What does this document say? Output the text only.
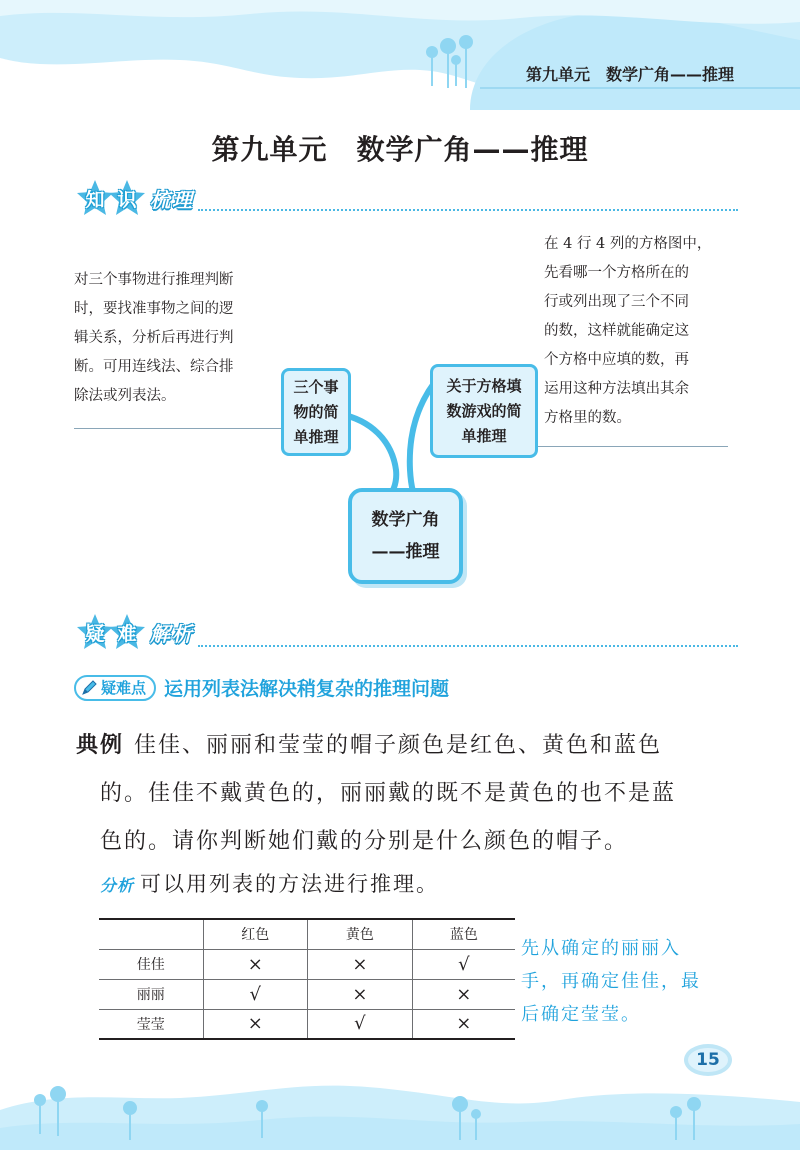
第九单元　数学广角——推理
第九单元　数学广角——推理
知 识 梳理
对三个事物进行推理判断
时，要找准事物之间的逻
辑关系，分析后再进行判
断。可用连线法、综合排
除法或列表法。
在 4 行 4 列的方格图中，
先看哪一个方格所在的
行或列出现了三个不同
的数，这样就能确定这
个方格中应填的数，再
运用这种方法填出其余
方格里的数。
三个事
物的简
单推理
关于方格填
数游戏的简
单推理
数学广角
——推理
疑 难 解析
疑难点 运用列表法解决稍复杂的推理问题
典例 佳佳、丽丽和莹莹的帽子颜色是红色、黄色和蓝色
的。佳佳不戴黄色的，丽丽戴的既不是黄色的也不是蓝
色的。请你判断她们戴的分别是什么颜色的帽子。
分析 可以用列表的方法进行推理。
	红色	黄色	蓝色
佳佳	×	×	√
丽丽	√	×	×
莹莹	×	√	×
先从确定的丽丽入
手，再确定佳佳，最
后确定莹莹。
15
